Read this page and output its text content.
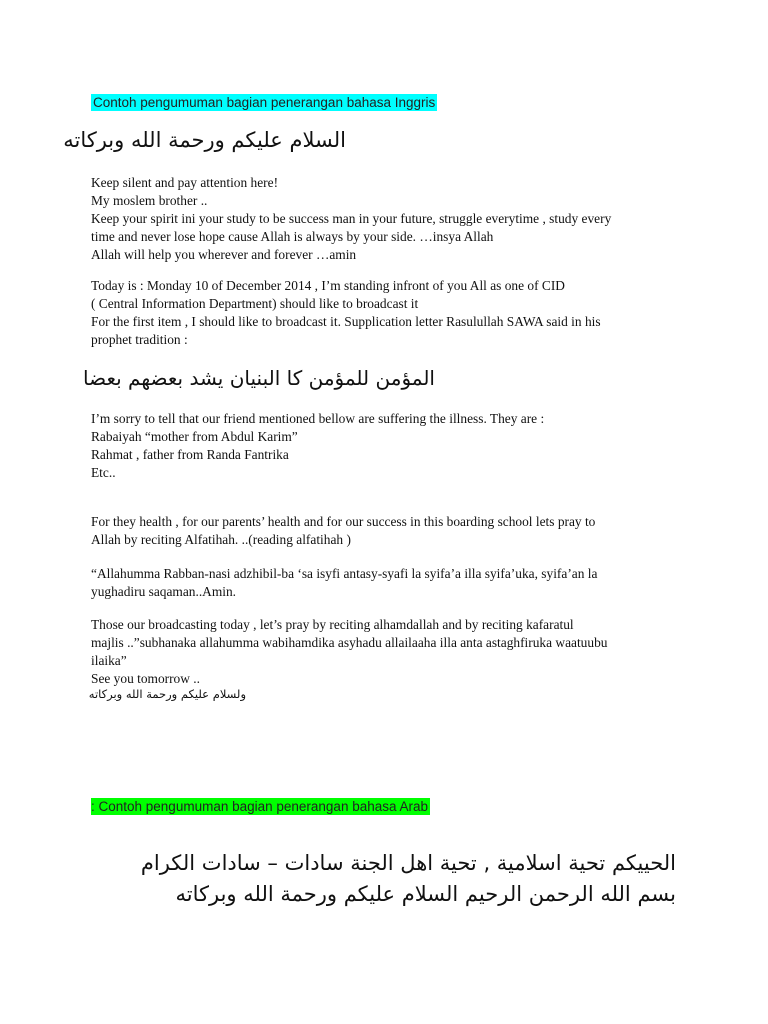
Contoh pengumuman bagian penerangan bahasa Inggris
السلام عليكم ورحمة الله وبركاته
Keep silent and pay attention here!
My moslem brother ..
Keep your spirit ini your study to be success man in your future, struggle everytime , study every
time and never lose hope cause Allah is always by your side. …insya Allah
Allah will help you wherever and forever …amin
Today is : Monday 10 of December 2014 , I’m standing infront of you All as one of CID
( Central Information Department) should like to broadcast it
For the first item , I should like to broadcast it. Supplication letter Rasulullah SAWA said in his
prophet tradition :
المؤمن للمؤمن كا البنيان يشد بعضهم بعضا
I’m sorry to tell that our friend mentioned bellow are suffering the illness. They are :
Rabaiyah “mother from Abdul Karim”
Rahmat , father from Randa Fantrika
Etc..
For they health , for our parents’ health and for our success in this boarding school lets pray to
Allah by reciting Alfatihah. ..(reading alfatihah )
“Allahumma Rabban-nasi adzhibil-ba ‘sa isyfi antasy-syafi la syifa’a illa syifa’uka, syifa’an la
yughadiru saqaman..Amin.
Those our broadcasting today , let’s pray by reciting alhamdallah and by reciting kafaratul
majlis ..”subhanaka allahumma wabihamdika asyhadu allailaaha illa anta astaghfiruka waatuubu
ilaika”
See you tomorrow ..
ولسلام عليكم ورحمة الله وبركاته
: Contoh pengumuman bagian penerangan bahasa Arab
الحييكم تحية اسلامية , تحية اهل الجنة سادات – سادات الكرام
بسم الله الرحمن الرحيم السلام عليكم ورحمة الله وبركاته
